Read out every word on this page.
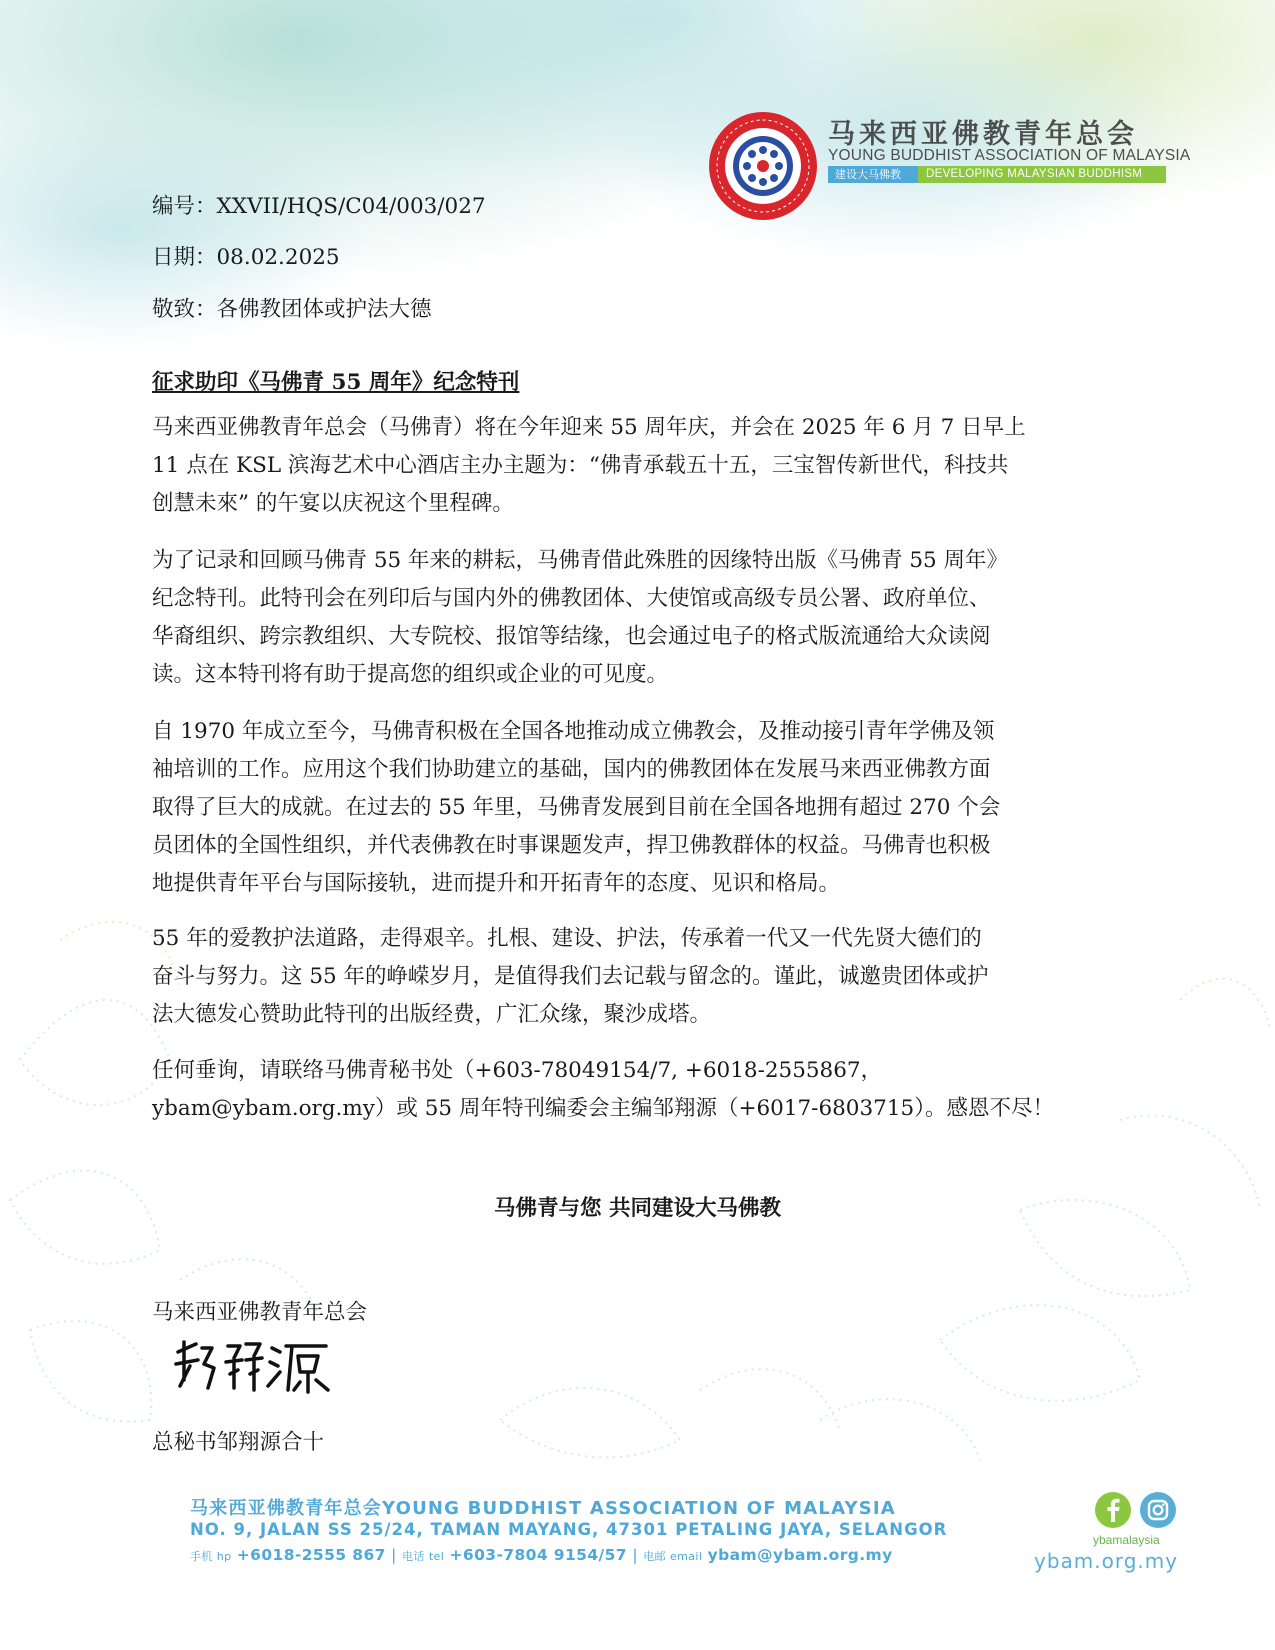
马来西亚佛教青年总会
YOUNG BUDDHIST ASSOCIATION OF MALAYSIA
建设大马佛教	DEVELOPING MALAYSIAN BUDDHISM
编号：XXVII/HQS/C04/003/027
日期：08.02.2025
敬致：各佛教团体或护法大德
征求助印《马佛青 55 周年》纪念特刊
马来西亚佛教青年总会（马佛青）将在今年迎来 55 周年庆，并会在 2025 年 6 月 7 日早上
11 点在 KSL 滨海艺术中心酒店主办主题为：“佛青承载五十五，三宝智传新世代，科技共
创慧未來” 的午宴以庆祝这个里程碑。
为了记录和回顾马佛青 55 年来的耕耘，马佛青借此殊胜的因缘特出版《马佛青 55 周年》
纪念特刊。此特刊会在列印后与国内外的佛教团体、大使馆或高级专员公署、政府单位、
华裔组织、跨宗教组织、大专院校、报馆等结缘，也会通过电子的格式版流通给大众读阅
读。这本特刊将有助于提高您的组织或企业的可见度。
自 1970 年成立至今，马佛青积极在全国各地推动成立佛教会，及推动接引青年学佛及领
袖培训的工作。应用这个我们协助建立的基础，国内的佛教团体在发展马来西亚佛教方面
取得了巨大的成就。在过去的 55 年里，马佛青发展到目前在全国各地拥有超过 270 个会
员团体的全国性组织，并代表佛教在时事课题发声，捍卫佛教群体的权益。马佛青也积极
地提供青年平台与国际接轨，进而提升和开拓青年的态度、见识和格局。
55 年的爱教护法道路，走得艰辛。扎根、建设、护法，传承着一代又一代先贤大德们的
奋斗与努力。这 55 年的峥嵘岁月，是值得我们去记载与留念的。谨此，诚邀贵团体或护
法大德发心赞助此特刊的出版经费，广汇众缘，聚沙成塔。
任何垂询，请联络马佛青秘书处（+603-78049154/7, +6018-2555867，
ybam@ybam.org.my）或 55 周年特刊编委会主编邹翔源（+6017-6803715）。感恩不尽！
马佛青与您 共同建设大马佛教
马来西亚佛教青年总会
总秘书邹翔源合十
马来西亚佛教青年总会YOUNG BUDDHIST ASSOCIATION OF MALAYSIA
NO. 9, JALAN SS 25/24, TAMAN MAYANG, 47301 PETALING JAYA, SELANGOR
手机 hp +6018-2555 867 | 电话 tel +603-7804 9154/57 | 电邮 email ybam@ybam.org.my

ybamalaysia
ybam.org.my
